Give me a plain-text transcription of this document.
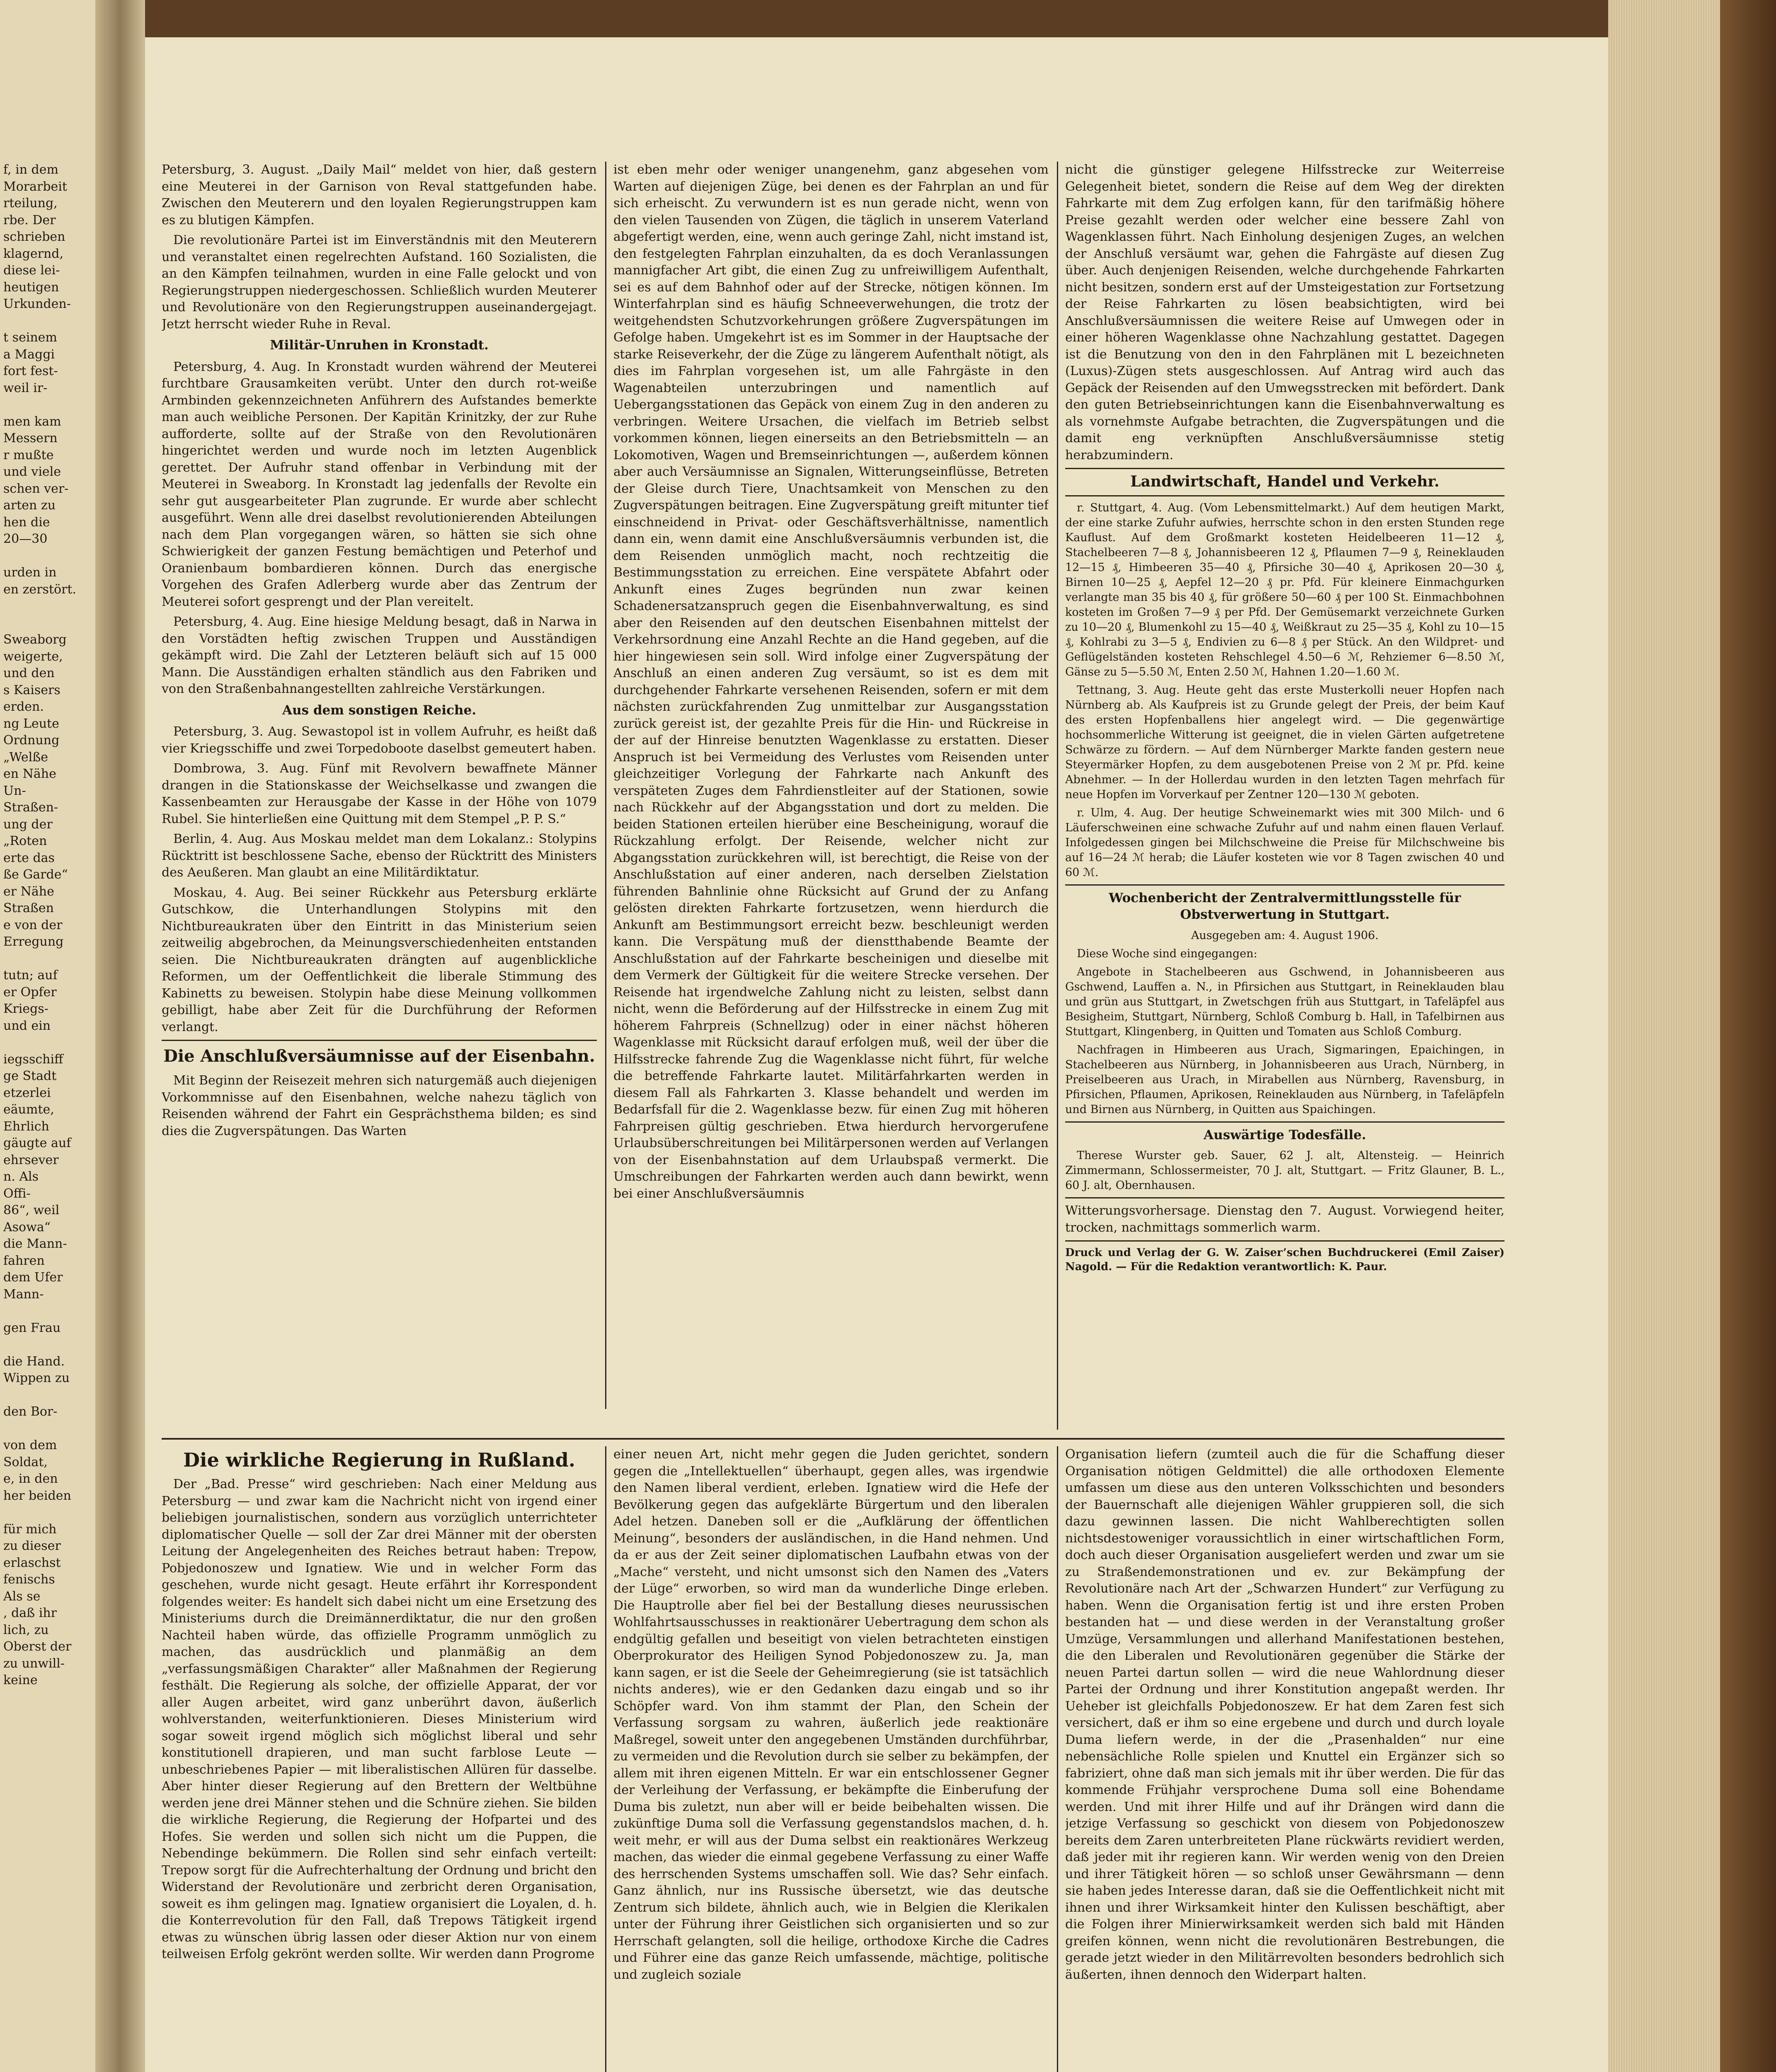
f, in dem
Morarbeit
rteilung,
rbe. Der
schrieben
klagernd,
diese lei-
heutigen
Urkunden-
t seinem
a Maggi
fort fest-
weil ir-
men kam
Messern
r mußte
und viele
schen ver-
arten zu
hen die
20—30
urden in
en zerstört.
Sweaborg
weigerte,
und den
s Kaisers
erden.
ng Leute
Ordnung
„Welße
en Nähe
Un-
Straßen-
ung der
„Roten
erte das
ße Garde“
er Nähe
Straßen
e von der
Erregung
tutn; auf
er Opfer
Kriegs-
und ein
iegsschiff
ge Stadt
etzerlei
eäumte,
Ehrlich
gäugte auf
ehrsever
n. Als
Offi-
86“, weil
Asowa“
die Mann-
fahren
dem Ufer
Mann-
gen Frau
die Hand.
Wippen zu
den Bor-
von dem
Soldat,
e, in den
her beiden
für mich
zu dieser
erlaschst
fenischs
Als se
, daß ihr
lich, zu
Oberst der
zu unwill-
keine

Petersburg, 3. August. „Daily Mail“ meldet von hier, daß gestern eine Meuterei in der Garnison von Reval stattgefunden habe. Zwischen den Meuterern und den loyalen Regierungstruppen kam es zu blutigen Kämpfen.

Die revolutionäre Partei ist im Einverständnis mit den Meuterern und veranstaltet einen regelrechten Aufstand. 160 Sozialisten, die an den Kämpfen teilnahmen, wurden in eine Falle gelockt und von Regierungstruppen niedergeschossen. Schließlich wurden Meuterer und Revolutionäre von den Regierungstruppen auseinandergejagt. Jetzt herrscht wieder Ruhe in Reval.

Militär-Unruhen in Kronstadt.

Petersburg, 4. Aug. In Kronstadt wurden während der Meuterei furchtbare Grausamkeiten verübt. Unter den durch rot-weiße Armbinden gekennzeichneten Anführern des Aufstandes bemerkte man auch weibliche Personen. Der Kapitän Krinitzky, der zur Ruhe aufforderte, sollte auf der Straße von den Revolutionären hingerichtet werden und wurde noch im letzten Augenblick gerettet. Der Aufruhr stand offenbar in Verbindung mit der Meuterei in Sweaborg. In Kronstadt lag jedenfalls der Revolte ein sehr gut ausgearbeiteter Plan zugrunde. Er wurde aber schlecht ausgeführt. Wenn alle drei daselbst revolutionierenden Abteilungen nach dem Plan vorgegangen wären, so hätten sie sich ohne Schwierigkeit der ganzen Festung bemächtigen und Peterhof und Oranienbaum bombardieren können. Durch das energische Vorgehen des Grafen Adlerberg wurde aber das Zentrum der Meuterei sofort gesprengt und der Plan vereitelt.

Petersburg, 4. Aug. Eine hiesige Meldung besagt, daß in Narwa in den Vorstädten heftig zwischen Truppen und Ausständigen gekämpft wird. Die Zahl der Letzteren beläuft sich auf 15 000 Mann. Die Ausständigen erhalten ständlich aus den Fabriken und von den Straßenbahnangestellten zahlreiche Verstärkungen.

Aus dem sonstigen Reiche.

Petersburg, 3. Aug. Sewastopol ist in vollem Aufruhr, es heißt daß vier Kriegsschiffe und zwei Torpedoboote daselbst gemeutert haben.

Dombrowa, 3. Aug. Fünf mit Revolvern bewaffnete Männer drangen in die Stationskasse der Weichselkasse und zwangen die Kassenbeamten zur Herausgabe der Kasse in der Höhe von 1079 Rubel. Sie hinterließen eine Quittung mit dem Stempel „P. P. S.“

Berlin, 4. Aug. Aus Moskau meldet man dem Lokalanz.: Stolypins Rücktritt ist beschlossene Sache, ebenso der Rücktritt des Ministers des Aeußeren. Man glaubt an eine Militärdiktatur.

Moskau, 4. Aug. Bei seiner Rückkehr aus Petersburg erklärte Gutschkow, die Unterhandlungen Stolypins mit den Nichtbureaukraten über den Eintritt in das Ministerium seien zeitweilig abgebrochen, da Meinungsverschiedenheiten entstanden seien. Die Nichtbureaukraten drängten auf augenblickliche Reformen, um der Oeffentlichkeit die liberale Stimmung des Kabinetts zu beweisen. Stolypin habe diese Meinung vollkommen gebilligt, habe aber Zeit für die Durchführung der Reformen verlangt.

Die Anschlußversäumnisse auf der Eisenbahn.

Mit Beginn der Reisezeit mehren sich naturgemäß auch diejenigen Vorkommnisse auf den Eisenbahnen, welche nahezu täglich von Reisenden während der Fahrt ein Gesprächsthema bilden; es sind dies die Zugverspätungen. Das Warten

ist eben mehr oder weniger unangenehm, ganz abgesehen vom Warten auf diejenigen Züge, bei denen es der Fahrplan an und für sich erheischt. Zu verwundern ist es nun gerade nicht, wenn von den vielen Tausenden von Zügen, die täglich in unserem Vaterland abgefertigt werden, eine, wenn auch geringe Zahl, nicht imstand ist, den festgelegten Fahrplan einzuhalten, da es doch Veranlassungen mannigfacher Art gibt, die einen Zug zu unfreiwilligem Aufenthalt, sei es auf dem Bahnhof oder auf der Strecke, nötigen können. Im Winterfahrplan sind es häufig Schneeverwehungen, die trotz der weitgehendsten Schutzvorkehrungen größere Zugverspätungen im Gefolge haben. Umgekehrt ist es im Sommer in der Hauptsache der starke Reiseverkehr, der die Züge zu längerem Aufenthalt nötigt, als dies im Fahrplan vorgesehen ist, um alle Fahrgäste in den Wagenabteilen unterzubringen und namentlich auf Uebergangsstationen das Gepäck von einem Zug in den anderen zu verbringen. Weitere Ursachen, die vielfach im Betrieb selbst vorkommen können, liegen einerseits an den Betriebsmitteln — an Lokomotiven, Wagen und Bremseinrichtungen —, außerdem können aber auch Versäumnisse an Signalen, Witterungseinflüsse, Betreten der Gleise durch Tiere, Unachtsamkeit von Menschen zu den Zugverspätungen beitragen. Eine Zugverspätung greift mitunter tief einschneidend in Privat- oder Geschäftsverhältnisse, namentlich dann ein, wenn damit eine Anschlußversäumnis verbunden ist, die dem Reisenden unmöglich macht, noch rechtzeitig die Bestimmungsstation zu erreichen. Eine verspätete Abfahrt oder Ankunft eines Zuges begründen nun zwar keinen Schadenersatzanspruch gegen die Eisenbahnverwaltung, es sind aber den Reisenden auf den deutschen Eisenbahnen mittelst der Verkehrsordnung eine Anzahl Rechte an die Hand gegeben, auf die hier hingewiesen sein soll. Wird infolge einer Zugverspätung der Anschluß an einen anderen Zug versäumt, so ist es dem mit durchgehender Fahrkarte versehenen Reisenden, sofern er mit dem nächsten zurückfahrenden Zug unmittelbar zur Ausgangsstation zurück gereist ist, der gezahlte Preis für die Hin- und Rückreise in der auf der Hinreise benutzten Wagenklasse zu erstatten. Dieser Anspruch ist bei Vermeidung des Verlustes vom Reisenden unter gleichzeitiger Vorlegung der Fahrkarte nach Ankunft des verspäteten Zuges dem Fahrdienstleiter auf der Stationen, sowie nach Rückkehr auf der Abgangsstation und dort zu melden. Die beiden Stationen erteilen hierüber eine Bescheinigung, worauf die Rückzahlung erfolgt. Der Reisende, welcher nicht zur Abgangsstation zurückkehren will, ist berechtigt, die Reise von der Anschlußstation auf einer anderen, nach derselben Zielstation führenden Bahnlinie ohne Rücksicht auf Grund der zu Anfang gelösten direkten Fahrkarte fortzusetzen, wenn hierdurch die Ankunft am Bestimmungsort erreicht bezw. beschleunigt werden kann. Die Verspätung muß der dienstthabende Beamte der Anschlußstation auf der Fahrkarte bescheinigen und dieselbe mit dem Vermerk der Gültigkeit für die weitere Strecke versehen. Der Reisende hat irgendwelche Zahlung nicht zu leisten, selbst dann nicht, wenn die Beförderung auf der Hilfsstrecke in einem Zug mit höherem Fahrpreis (Schnellzug) oder in einer nächst höheren Wagenklasse mit Rücksicht darauf erfolgen muß, weil der über die Hilfsstrecke fahrende Zug die Wagenklasse nicht führt, für welche die betreffende Fahrkarte lautet. Militärfahrkarten werden in diesem Fall als Fahrkarten 3. Klasse behandelt und werden im Bedarfsfall für die 2. Wagenklasse bezw. für einen Zug mit höheren Fahrpreisen gültig geschrieben. Etwa hierdurch hervorgerufene Urlaubsüberschreitungen bei Militärpersonen werden auf Verlangen von der Eisenbahnstation auf dem Urlaubspaß vermerkt. Die Umschreibungen der Fahrkarten werden auch dann bewirkt, wenn bei einer Anschlußversäumnis

nicht die günstiger gelegene Hilfsstrecke zur Weiterreise Gelegenheit bietet, sondern die Reise auf dem Weg der direkten Fahrkarte mit dem Zug erfolgen kann, für den tarifmäßig höhere Preise gezahlt werden oder welcher eine bessere Zahl von Wagenklassen führt. Nach Einholung desjenigen Zuges, an welchen der Anschluß versäumt war, gehen die Fahrgäste auf diesen Zug über. Auch denjenigen Reisenden, welche durchgehende Fahrkarten nicht besitzen, sondern erst auf der Umsteigestation zur Fortsetzung der Reise Fahrkarten zu lösen beabsichtigten, wird bei Anschlußversäumnissen die weitere Reise auf Umwegen oder in einer höheren Wagenklasse ohne Nachzahlung gestattet. Dagegen ist die Benutzung von den in den Fahrplänen mit L bezeichneten (Luxus)-Zügen stets ausgeschlossen. Auf Antrag wird auch das Gepäck der Reisenden auf den Umwegsstrecken mit befördert. Dank den guten Betriebseinrichtungen kann die Eisenbahnverwaltung es als vornehmste Aufgabe betrachten, die Zugverspätungen und die damit eng verknüpften Anschlußversäumnisse stetig herabzumindern.

Landwirtschaft, Handel und Verkehr.

r. Stuttgart, 4. Aug. (Vom Lebensmittelmarkt.) Auf dem heutigen Markt, der eine starke Zufuhr aufwies, herrschte schon in den ersten Stunden rege Kauflust. Auf dem Großmarkt kosteten Heidelbeeren 11—12 ₰, Stachelbeeren 7—8 ₰, Johannisbeeren 12 ₰, Pflaumen 7—9 ₰, Reineklauden 12—15 ₰, Himbeeren 35—40 ₰, Pfirsiche 30—40 ₰, Aprikosen 20—30 ₰, Birnen 10—25 ₰, Aepfel 12—20 ₰ pr. Pfd. Für kleinere Einmachgurken verlangte man 35 bis 40 ₰, für größere 50—60 ₰ per 100 St. Einmachbohnen kosteten im Großen 7—9 ₰ per Pfd. Der Gemüsemarkt verzeichnete Gurken zu 10—20 ₰, Blumenkohl zu 15—40 ₰, Weißkraut zu 25—35 ₰, Kohl zu 10—15 ₰, Kohlrabi zu 3—5 ₰, Endivien zu 6—8 ₰ per Stück. An den Wildpret- und Geflügelständen kosteten Rehschlegel 4.50—6 ℳ, Rehziemer 6—8.50 ℳ, Gänse zu 5—5.50 ℳ, Enten 2.50 ℳ, Hahnen 1.20—1.60 ℳ.

Tettnang, 3. Aug. Heute geht das erste Musterkolli neuer Hopfen nach Nürnberg ab. Als Kaufpreis ist zu Grunde gelegt der Preis, der beim Kauf des ersten Hopfenballens hier angelegt wird. — Die gegenwärtige hochsommerliche Witterung ist geeignet, die in vielen Gärten aufgetretene Schwärze zu fördern. — Auf dem Nürnberger Markte fanden gestern neue Steyermärker Hopfen, zu dem ausgebotenen Preise von 2 ℳ pr. Pfd. keine Abnehmer. — In der Hollerdau wurden in den letzten Tagen mehrfach für neue Hopfen im Vorverkauf per Zentner 120—130 ℳ geboten.

r. Ulm, 4. Aug. Der heutige Schweinemarkt wies mit 300 Milch- und 6 Läuferschweinen eine schwache Zufuhr auf und nahm einen flauen Verlauf. Infolgedessen gingen bei Milchschweine die Preise für Milchschweine bis auf 16—24 ℳ herab; die Läufer kosteten wie vor 8 Tagen zwischen 40 und 60 ℳ.

Wochenbericht der Zentralvermittlungsstelle für Obstverwertung in Stuttgart.

Ausgegeben am: 4. August 1906.

Diese Woche sind eingegangen:

Angebote in Stachelbeeren aus Gschwend, in Johannisbeeren aus Gschwend, Lauffen a. N., in Pfirsichen aus Stuttgart, in Reineklauden blau und grün aus Stuttgart, in Zwetschgen früh aus Stuttgart, in Tafeläpfel aus Besigheim, Stuttgart, Nürnberg, Schloß Comburg b. Hall, in Tafelbirnen aus Stuttgart, Klingenberg, in Quitten und Tomaten aus Schloß Comburg.

Nachfragen in Himbeeren aus Urach, Sigmaringen, Epaichingen, in Stachelbeeren aus Nürnberg, in Johannisbeeren aus Urach, Nürnberg, in Preiselbeeren aus Urach, in Mirabellen aus Nürnberg, Ravensburg, in Pfirsichen, Pflaumen, Aprikosen, Reineklauden aus Nürnberg, in Tafeläpfeln und Birnen aus Nürnberg, in Quitten aus Spaichingen.

Auswärtige Todesfälle.

Therese Wurster geb. Sauer, 62 J. alt, Altensteig. — Heinrich Zimmermann, Schlossermeister, 70 J. alt, Stuttgart. — Fritz Glauner, B. L., 60 J. alt, Obernhausen.

Witterungsvorhersage. Dienstag den 7. August. Vorwiegend heiter, trocken, nachmittags sommerlich warm.

Druck und Verlag der G. W. Zaiser’schen Buchdruckerei (Emil Zaiser) Nagold. — Für die Redaktion verantwortlich: K. Paur.

Die wirkliche Regierung in Rußland.

Der „Bad. Presse“ wird geschrieben: Nach einer Meldung aus Petersburg — und zwar kam die Nachricht nicht von irgend einer beliebigen journalistischen, sondern aus vorzüglich unterrichteter diplomatischer Quelle — soll der Zar drei Männer mit der obersten Leitung der Angelegenheiten des Reiches betraut haben: Trepow, Pobjedonoszew und Ignatiew. Wie und in welcher Form das geschehen, wurde nicht gesagt. Heute erfährt ihr Korrespondent folgendes weiter: Es handelt sich dabei nicht um eine Ersetzung des Ministeriums durch die Dreimännerdiktatur, die nur den großen Nachteil haben würde, das offizielle Programm unmöglich zu machen, das ausdrücklich und planmäßig an dem „verfassungsmäßigen Charakter“ aller Maßnahmen der Regierung festhält. Die Regierung als solche, der offizielle Apparat, der vor aller Augen arbeitet, wird ganz unberührt davon, äußerlich wohlverstanden, weiterfunktionieren. Dieses Ministerium wird sogar soweit irgend möglich sich möglichst liberal und sehr konstitutionell drapieren, und man sucht farblose Leute — unbeschriebenes Papier — mit liberalistischen Allüren für dasselbe. Aber hinter dieser Regierung auf den Brettern der Weltbühne werden jene drei Männer stehen und die Schnüre ziehen. Sie bilden die wirkliche Regierung, die Regierung der Hofpartei und des Hofes. Sie werden und sollen sich nicht um die Puppen, die Nebendinge bekümmern. Die Rollen sind sehr einfach verteilt: Trepow sorgt für die Aufrechterhaltung der Ordnung und bricht den Widerstand der Revolutionäre und zerbricht deren Organisation, soweit es ihm gelingen mag. Ignatiew organisiert die Loyalen, d. h. die Konterrevolution für den Fall, daß Trepows Tätigkeit irgend etwas zu wünschen übrig lassen oder dieser Aktion nur von einem teilweisen Erfolg gekrönt werden sollte. Wir werden dann Progrome

einer neuen Art, nicht mehr gegen die Juden gerichtet, sondern gegen die „Intellektuellen“ überhaupt, gegen alles, was irgendwie den Namen liberal verdient, erleben. Ignatiew wird die Hefe der Bevölkerung gegen das aufgeklärte Bürgertum und den liberalen Adel hetzen. Daneben soll er die „Aufklärung der öffentlichen Meinung“, besonders der ausländischen, in die Hand nehmen. Und da er aus der Zeit seiner diplomatischen Laufbahn etwas von der „Mache“ versteht, und nicht umsonst sich den Namen des „Vaters der Lüge“ erworben, so wird man da wunderliche Dinge erleben. Die Hauptrolle aber fiel bei der Bestallung dieses neurussischen Wohlfahrtsausschusses in reaktionärer Uebertragung dem schon als endgültig gefallen und beseitigt von vielen betrachteten einstigen Oberprokurator des Heiligen Synod Pobjedonoszew zu. Ja, man kann sagen, er ist die Seele der Geheimregierung (sie ist tatsächlich nichts anderes), wie er den Gedanken dazu eingab und so ihr Schöpfer ward. Von ihm stammt der Plan, den Schein der Verfassung sorgsam zu wahren, äußerlich jede reaktionäre Maßregel, soweit unter den angegebenen Umständen durchführbar, zu vermeiden und die Revolution durch sie selber zu bekämpfen, der allem mit ihren eigenen Mitteln. Er war ein entschlossener Gegner der Verleihung der Verfassung, er bekämpfte die Einberufung der Duma bis zuletzt, nun aber will er beide beibehalten wissen. Die zukünftige Duma soll die Verfassung gegenstandslos machen, d. h. weit mehr, er will aus der Duma selbst ein reaktionäres Werkzeug machen, das wieder die einmal gegebene Verfassung zu einer Waffe des herrschenden Systems umschaffen soll. Wie das? Sehr einfach. Ganz ähnlich, nur ins Russische übersetzt, wie das deutsche Zentrum sich bildete, ähnlich auch, wie in Belgien die Klerikalen unter der Führung ihrer Geistlichen sich organisierten und so zur Herrschaft gelangten, soll die heilige, orthodoxe Kirche die Cadres und Führer eine das ganze Reich umfassende, mächtige, politische und zugleich soziale

Organisation liefern (zumteil auch die für die Schaffung dieser Organisation nötigen Geldmittel) die alle orthodoxen Elemente umfassen um diese aus den unteren Volksschichten und besonders der Bauernschaft alle diejenigen Wähler gruppieren soll, die sich dazu gewinnen lassen. Die nicht Wahlberechtigten sollen nichtsdestoweniger voraussichtlich in einer wirtschaftlichen Form, doch auch dieser Organisation ausgeliefert werden und zwar um sie zu Straßendemonstrationen und ev. zur Bekämpfung der Revolutionäre nach Art der „Schwarzen Hundert“ zur Verfügung zu haben. Wenn die Organisation fertig ist und ihre ersten Proben bestanden hat — und diese werden in der Veranstaltung großer Umzüge, Versammlungen und allerhand Manifestationen bestehen, die den Liberalen und Revolutionären gegenüber die Stärke der neuen Partei dartun sollen — wird die neue Wahlordnung dieser Partei der Ordnung und ihrer Konstitution angepaßt werden. Ihr Ueheber ist gleichfalls Pobjedonoszew. Er hat dem Zaren fest sich versichert, daß er ihm so eine ergebene und durch und durch loyale Duma liefern werde, in der die „Prasenhalden“ nur eine nebensächliche Rolle spielen und Knuttel ein Ergänzer sich so fabriziert, ohne daß man sich jemals mit ihr über werden. Die für das kommende Frühjahr versprochene Duma soll eine Bohendame werden. Und mit ihrer Hilfe und auf ihr Drängen wird dann die jetzige Verfassung so geschickt von diesem von Pobjedonoszew bereits dem Zaren unterbreiteten Plane rückwärts revidiert werden, daß jeder mit ihr regieren kann. Wir werden wenig von den Dreien und ihrer Tätigkeit hören — so schloß unser Gewährsmann — denn sie haben jedes Interesse daran, daß sie die Oeffentlichkeit nicht mit ihnen und ihrer Wirksamkeit hinter den Kulissen beschäftigt, aber die Folgen ihrer Minierwirksamkeit werden sich bald mit Händen greifen können, wenn nicht die revolutionären Bestrebungen, die gerade jetzt wieder in den Militärrevolten besonders bedrohlich sich äußerten, ihnen dennoch den Widerpart halten.
